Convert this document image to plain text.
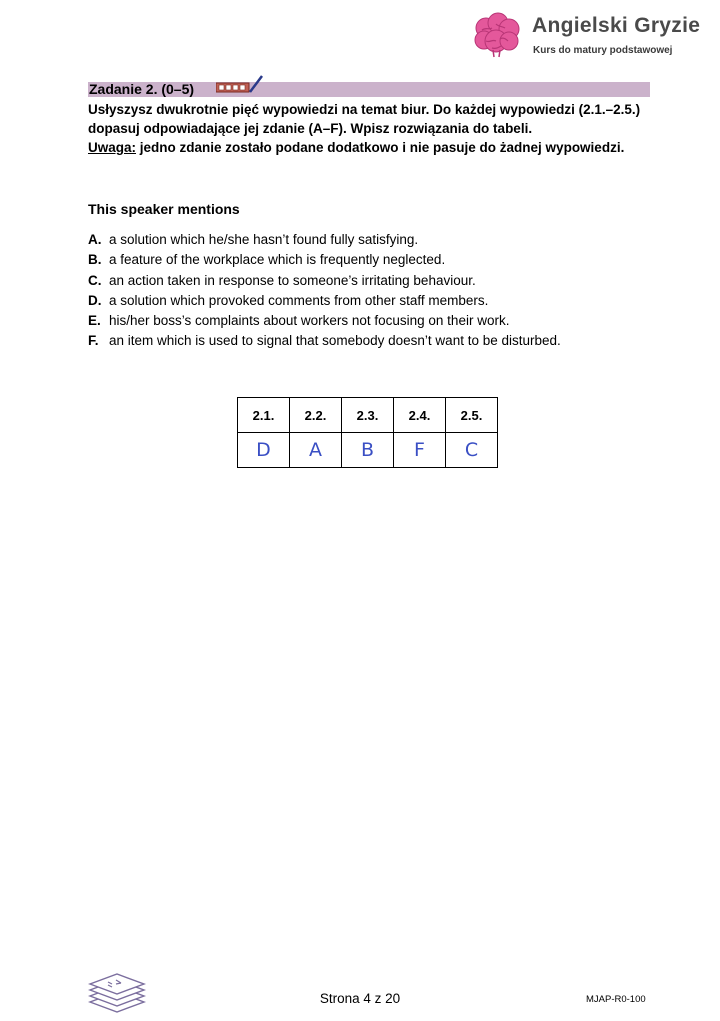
Angielski Gryzie
Kurs do matury podstawowej
Zadanie 2. (0–5)
Usłyszysz dwukrotnie pięć wypowiedzi na temat biur. Do każdej wypowiedzi (2.1.–2.5.)
dopasuj odpowiadające jej zdanie (A–F). Wpisz rozwiązania do tabeli.
Uwaga: jedno zdanie zostało podane dodatkowo i nie pasuje do żadnej wypowiedzi.
This speaker mentions
A. a solution which he/she hasn’t found fully satisfying.
B. a feature of the workplace which is frequently neglected.
C. an action taken in response to someone’s irritating behaviour.
D. a solution which provoked comments from other staff members.
E. his/her boss’s complaints about workers not focusing on their work.
F. an item which is used to signal that somebody doesn’t want to be disturbed.
2.1.	2.2.	2.3.	2.4.	2.5.
D	A	B	F	C
Strona 4 z 20	MJAP-R0-100
